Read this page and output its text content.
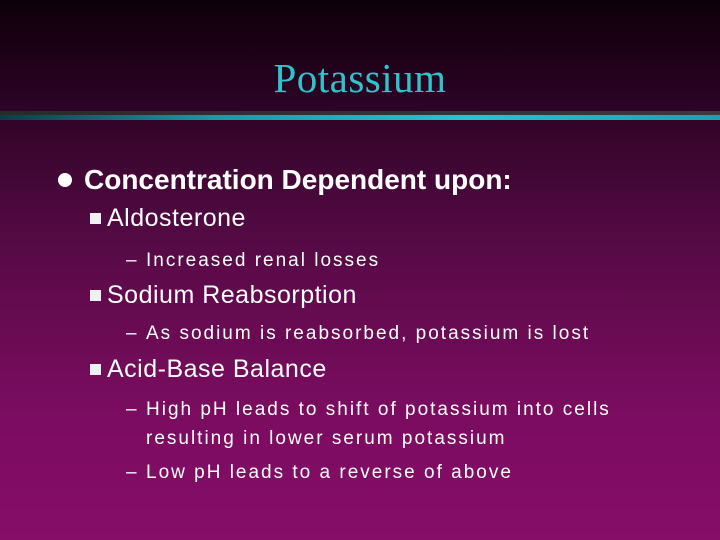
Potassium
Concentration Dependent upon:
Aldosterone
– Increased renal losses
Sodium Reabsorption
– As sodium is reabsorbed, potassium is lost
Acid-Base Balance
– High pH leads to shift of potassium into cells
resulting in lower serum potassium
– Low pH leads to a reverse of above
